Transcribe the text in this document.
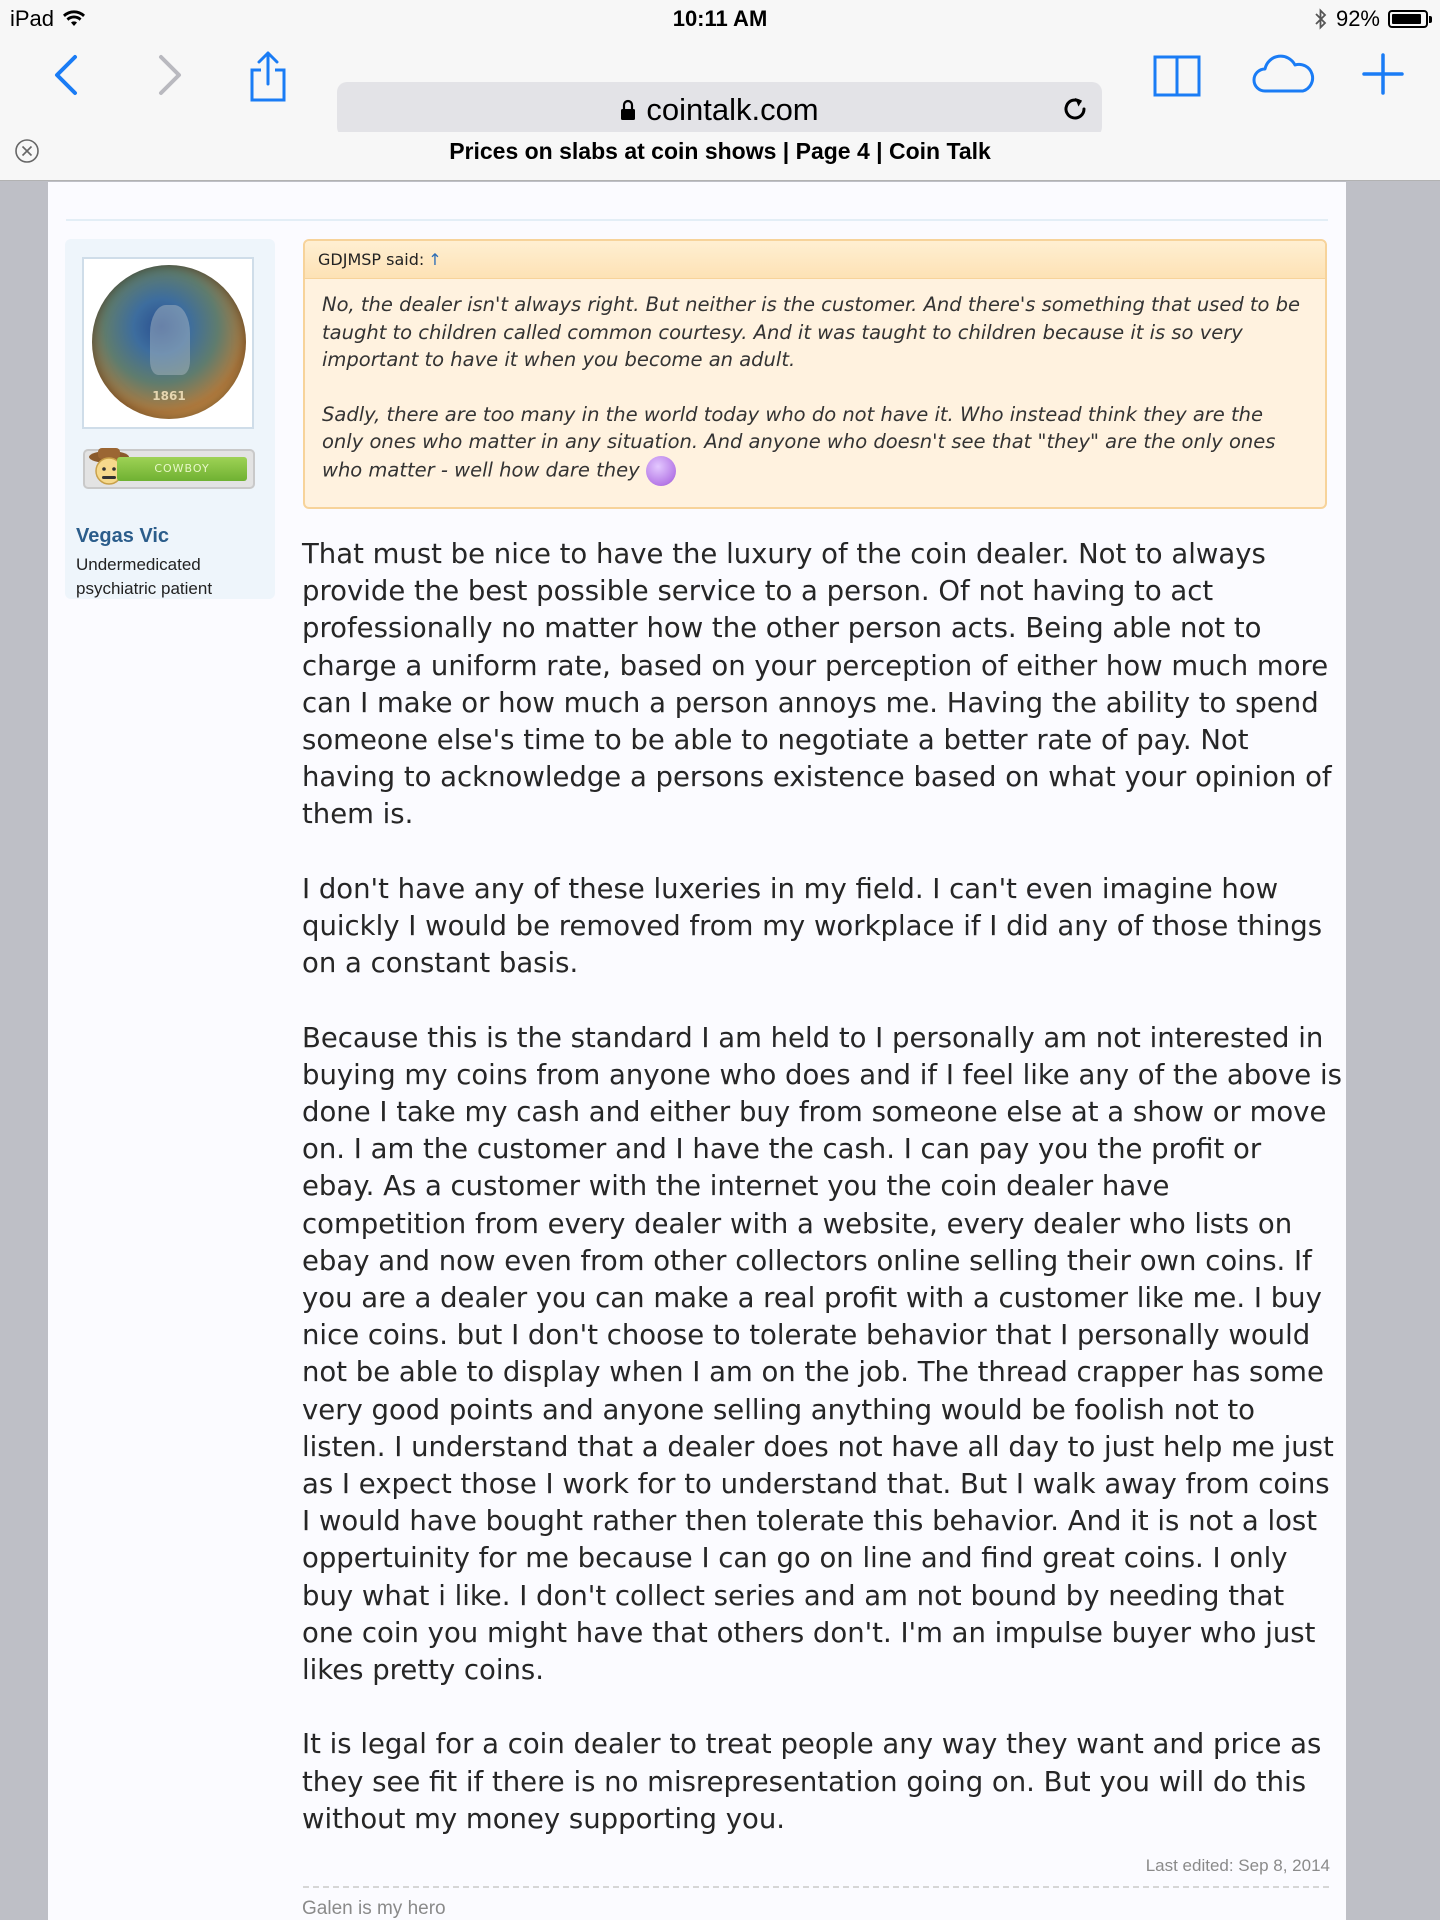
iPad	10:11 AM	92%
cointalk.com
Prices on slabs at coin shows | Page 4 | Coin Talk
1861
COWBOY
Vegas Vic
Undermedicated psychiatric patient
GDJMSP said: ↑

No, the dealer isn't always right. But neither is the customer. And there's something that used to be taught to children called common courtesy. And it was taught to children because it is so very important to have it when you become an adult.

Sadly, there are too many in the world today who do not have it. Who instead think they are the only ones who matter in any situation. And anyone who doesn't see that "they" are the only ones who matter - well how dare they

That must be nice to have the luxury of the coin dealer. Not to always provide the best possible service to a person. Of not having to act professionally no matter how the other person acts. Being able not to charge a uniform rate, based on your perception of either how much more can I make or how much a person annoys me. Having the ability to spend someone else's time to be able to negotiate a better rate of pay. Not having to acknowledge a persons existence based on what your opinion of them is.

I don't have any of these luxeries in my field. I can't even imagine how quickly I would be removed from my workplace if I did any of those things on a constant basis.

Because this is the standard I am held to I personally am not interested in buying my coins from anyone who does and if I feel like any of the above is done I take my cash and either buy from someone else at a show or move on. I am the customer and I have the cash. I can pay you the profit or ebay. As a customer with the internet you the coin dealer have competition from every dealer with a website, every dealer who lists on ebay and now even from other collectors online selling their own coins. If you are a dealer you can make a real profit with a customer like me. I buy nice coins. but I don't choose to tolerate behavior that I personally would not be able to display when I am on the job. The thread crapper has some very good points and anyone selling anything would be foolish not to listen. I understand that a dealer does not have all day to just help me just as I expect those I work for to understand that. But I walk away from coins I would have bought rather then tolerate this behavior. And it is not a lost oppertuinity for me because I can go on line and find great coins. I only buy what i like. I don't collect series and am not bound by needing that one coin you might have that others don't. I'm an impulse buyer who just likes pretty coins.

It is legal for a coin dealer to treat people any way they want and price as they see fit if there is no misrepresentation going on. But you will do this without my money supporting you.

Last edited: Sep 8, 2014
Galen is my hero
